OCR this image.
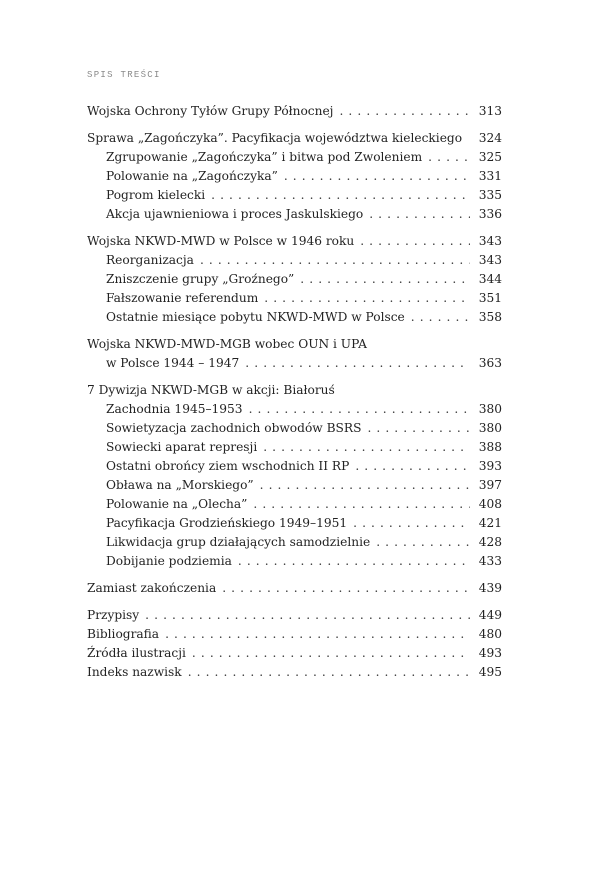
SPIS TREŚCI
Wojska Ochrony Tyłów Grupy Północnej . . .	313
Sprawa „Zagończyka”. Pacyfikacja województwa kieleckiego 324
Zgrupowanie „Zagończyka” i bitwa pod Zwoleniem . . .	325
Polowanie na „Zagończyka” . . .	331
Pogrom kielecki . . .	335
Akcja ujawnieniowa i proces Jaskulskiego . . .	336
Wojska NKWD-MWD w Polsce w 1946 roku . . .	343
Reorganizacja . . .	343
Zniszczenie grupy „Groźnego” . . .	344
Fałszowanie referendum . . .	351
Ostatnie miesiące pobytu NKWD-MWD w Polsce . . .	358
Wojska NKWD-MWD-MGB wobec OUN i UPA
w Polsce 1944 – 1947 . . .	363
7 Dywizja NKWD-MGB w akcji: Białoruś
Zachodnia 1945–1953 . . .	380
Sowietyzacja zachodnich obwodów BSRS . . .	380
Sowiecki aparat represji . . .	388
Ostatni obrońcy ziem wschodnich II RP . . .	393
Obława na „Morskiego” . . .	397
Polowanie na „Olecha” . . .	408
Pacyfikacja Grodzieńskiego 1949–1951 . . .	421
Likwidacja grup działających samodzielnie . . .	428
Dobijanie podziemia . . .	433
Zamiast zakończenia . . .	439
Przypisy . . .	449
Bibliografia . . .	480
Źródła ilustracji . . .	493
Indeks nazwisk . . .	495
